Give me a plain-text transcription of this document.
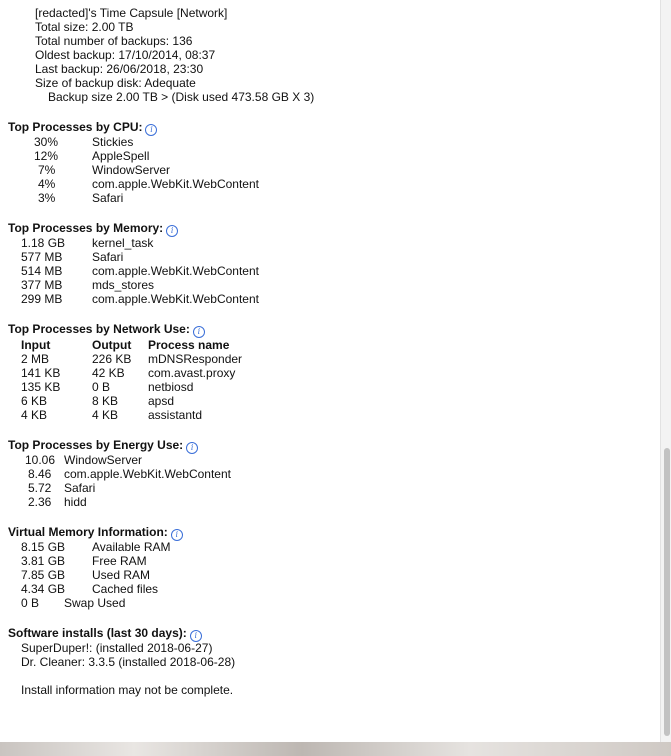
[redacted]'s Time Capsule [Network]
Total size: 2.00 TB
Total number of backups: 136
Oldest backup: 17/10/2014, 08:37
Last backup: 26/06/2018, 23:30
Size of backup disk: Adequate
Backup size 2.00 TB > (Disk used 473.58 GB X 3)
Top Processes by CPU: i
30%	Stickies
12%	AppleSpell
7%	WindowServer
4%	com.apple.WebKit.WebContent
3%	Safari
Top Processes by Memory: i
1.18 GB kernel_task
577 MB Safari
514 MB com.apple.WebKit.WebContent
377 MB mds_stores
299 MB com.apple.WebKit.WebContent
Top Processes by Network Use: i
Input	Output Process name
2 MB	226 KB mDNSResponder
141 KB	42 KB com.avast.proxy
135 KB	0 B	netbiosd
6 KB	8 KB apsd
4 KB	4 KB assistantd
Top Processes by Energy Use: i
10.06 WindowServer
8.46 com.apple.WebKit.WebContent
5.72 Safari
2.36 hidd
Virtual Memory Information: i
8.15 GB Available RAM
3.81 GB Free RAM
7.85 GB Used RAM
4.34 GB Cached files
0 B Swap Used
Software installs (last 30 days): i
SuperDuper!: (installed 2018-06-27)
Dr. Cleaner: 3.3.5 (installed 2018-06-28)
Install information may not be complete.
